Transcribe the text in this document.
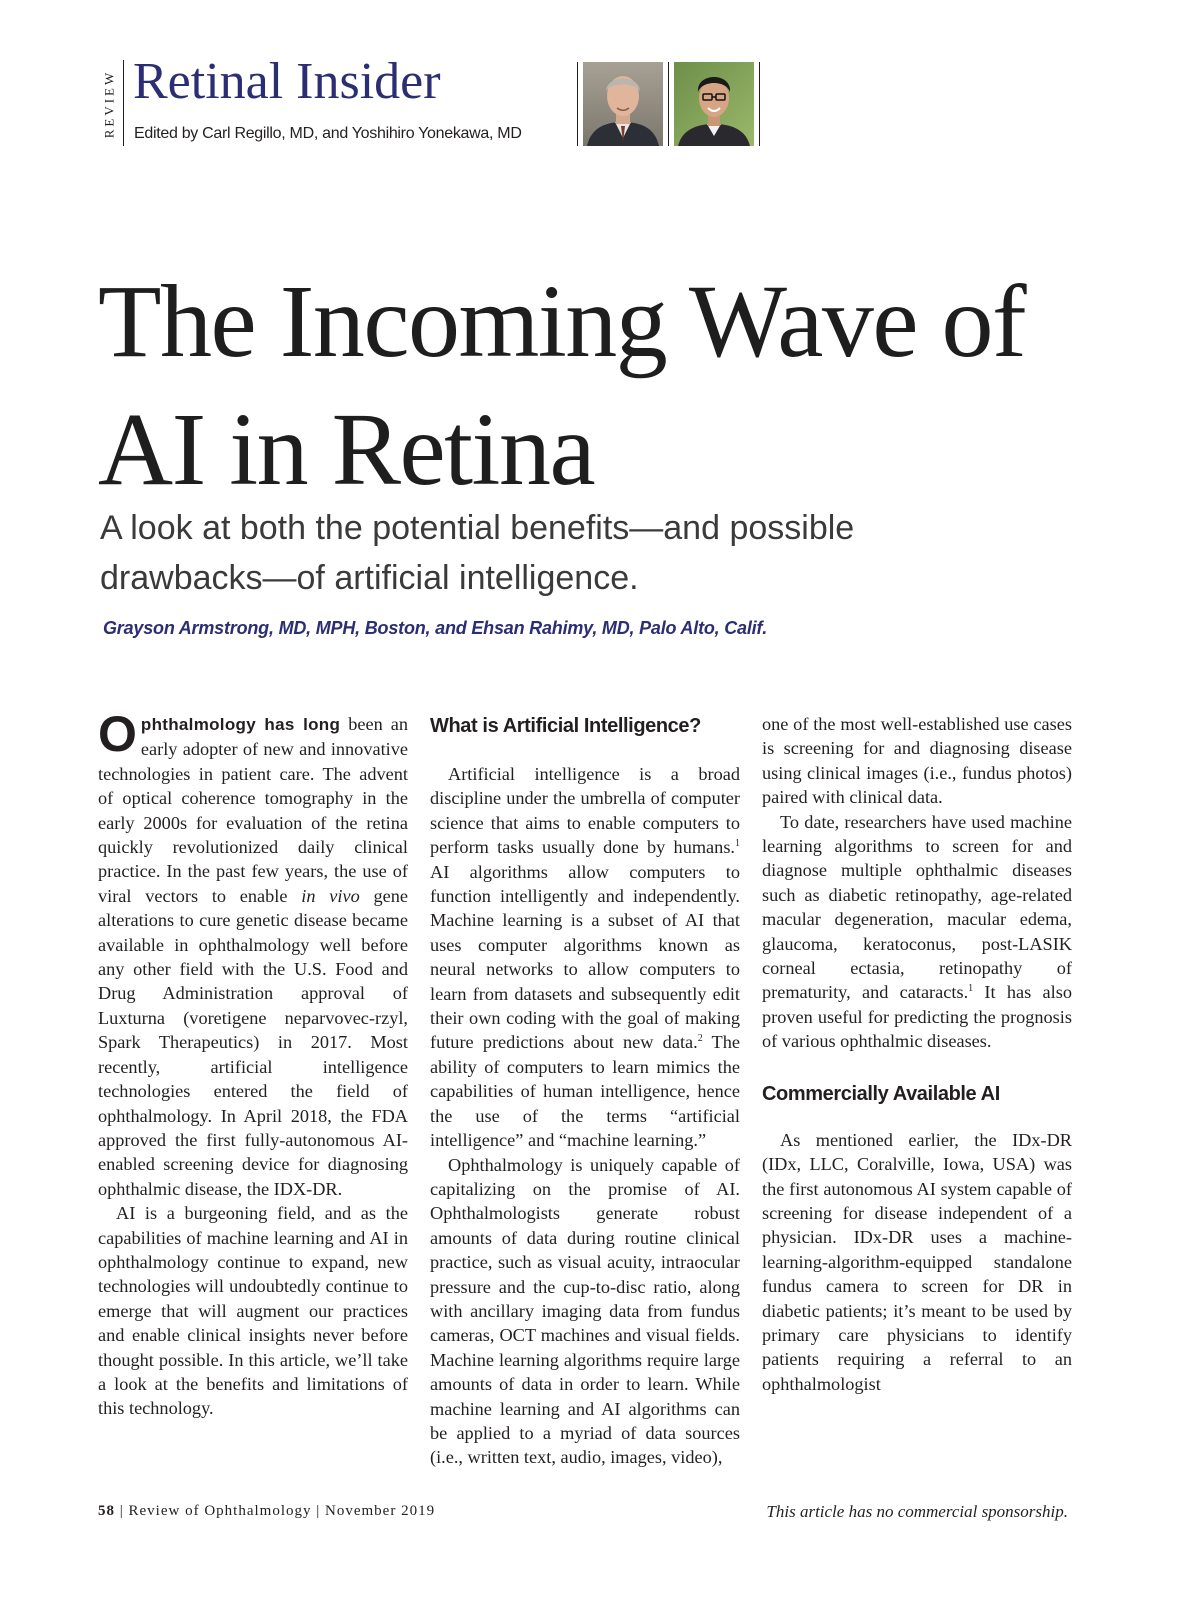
REVIEW Retinal Insider
Edited by Carl Regillo, MD, and Yoshihiro Yonekawa, MD
The Incoming Wave of
AI in Retina

A look at both the potential benefits—and possible
drawbacks—of artificial intelligence.

Grayson Armstrong, MD, MPH, Boston, and Ehsan Rahimy, MD, Palo Alto, Calif.

Ophthalmology has long been an early adopter of new and innovative technologies in patient care. The advent of optical coherence tomography in the early 2000s for evaluation of the retina quickly revolutionized daily clinical practice. In the past few years, the use of viral vectors to enable in vivo gene alterations to cure genetic disease became available in ophthalmology well before any other field with the U.S. Food and Drug Administration approval of Luxturna (voretigene neparvovec-rzyl, Spark Therapeutics) in 2017. Most recently, artificial intelligence technologies entered the field of ophthalmology. In April 2018, the FDA approved the first fully-autonomous AI-enabled screening device for diagnosing ophthalmic disease, the IDX-DR.

AI is a burgeoning field, and as the capabilities of machine learning and AI in ophthalmology continue to expand, new technologies will undoubtedly continue to emerge that will augment our practices and enable clinical insights never before thought possible. In this article, we’ll take a look at the benefits and limitations of this technology.

What is Artificial Intelligence?

Artificial intelligence is a broad discipline under the umbrella of computer science that aims to enable computers to perform tasks usually done by humans.$^1$ AI algorithms allow computers to function intelligently and independently. Machine learning is a subset of AI that uses computer algorithms known as neural networks to allow computers to learn from datasets and subsequently edit their own coding with the goal of making future predictions about new data.$^2$ The ability of computers to learn mimics the capabilities of human intelligence, hence the use of the terms “artificial intelligence” and “machine learning.”

Ophthalmology is uniquely capable of capitalizing on the promise of AI. Ophthalmologists generate robust amounts of data during routine clinical practice, such as visual acuity, intraocular pressure and the cup-to-disc ratio, along with ancillary imaging data from fundus cameras, OCT machines and visual fields. Machine learning algorithms require large amounts of data in order to learn. While machine learning and AI algorithms can be applied to a myriad of data sources (i.e., written text, audio, images, video),

one of the most well-established use cases is screening for and diagnosing disease using clinical images (i.e., fundus photos) paired with clinical data.

To date, researchers have used machine learning algorithms to screen for and diagnose multiple ophthalmic diseases such as diabetic retinopathy, age-related macular degeneration, macular edema, glaucoma, keratoconus, post-LASIK corneal ectasia, retinopathy of prematurity, and cataracts.$^1$ It has also proven useful for predicting the prognosis of various ophthalmic diseases.

Commercially Available AI

As mentioned earlier, the IDx-DR (IDx, LLC, Coralville, Iowa, USA) was the first autonomous AI system capable of screening for disease independent of a physician. IDx-DR uses a machine-learning-algorithm-equipped standalone fundus camera to screen for DR in diabetic patients; it’s meant to be used by primary care physicians to identify patients requiring a referral to an ophthalmologist

58 | Review of Ophthalmology | November 2019	This article has no commercial sponsorship.
